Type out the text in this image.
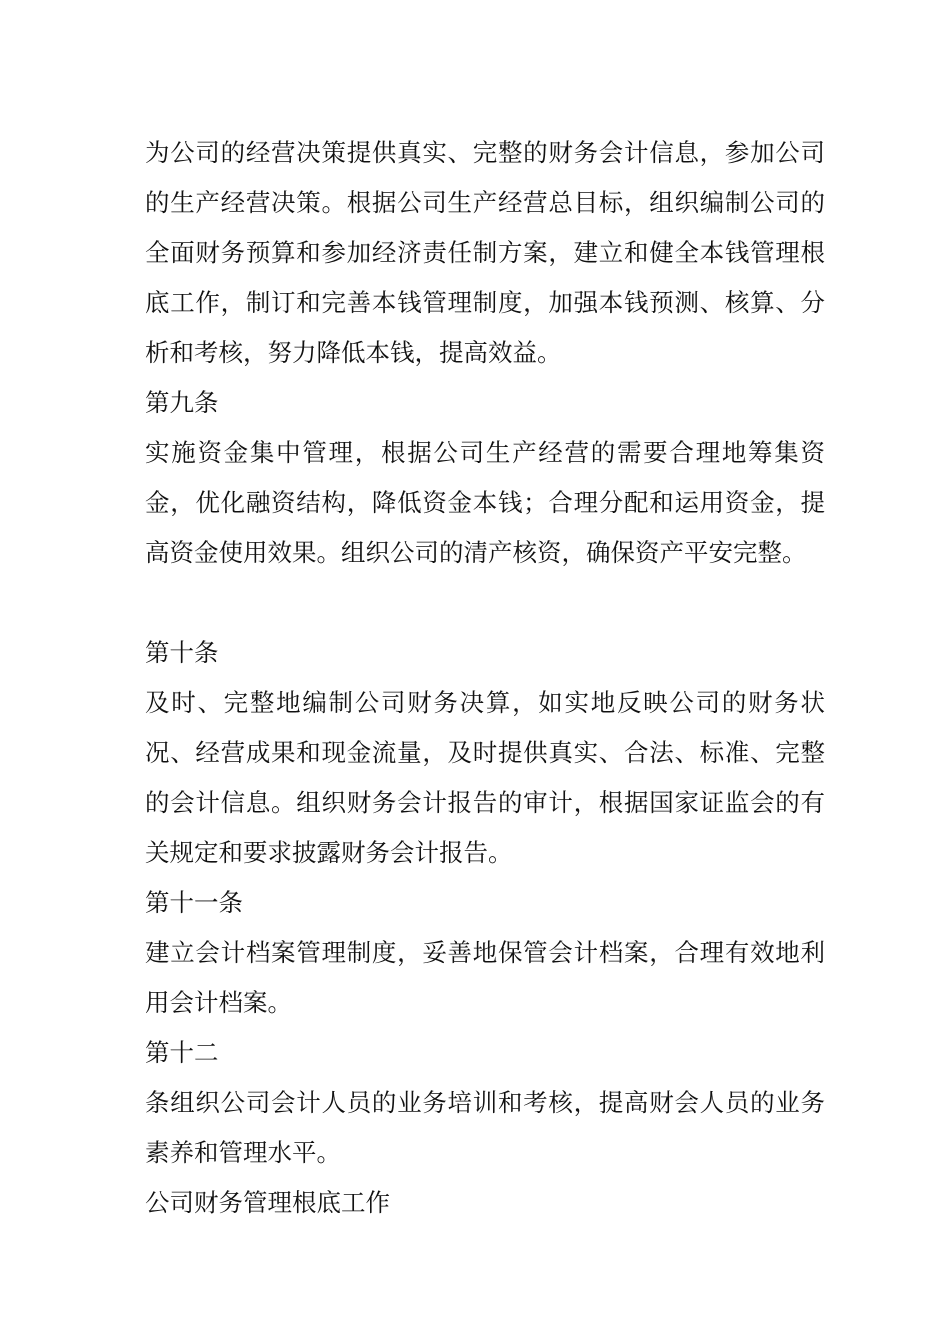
为公司的经营决策提供真实、完整的财务会计信息，参加公司的生产经营决策。根据公司生产经营总目标，组织编制公司的全面财务预算和参加经济责任制方案，建立和健全本钱管理根底工作，制订和完善本钱管理制度，加强本钱预测、核算、分析和考核，努力降低本钱，提高效益。

第九条

实施资金集中管理，根据公司生产经营的需要合理地筹集资金，优化融资结构，降低资金本钱；合理分配和运用资金，提高资金使用效果。组织公司的清产核资，确保资产平安完整。

第十条

及时、完整地编制公司财务决算，如实地反映公司的财务状况、经营成果和现金流量，及时提供真实、合法、标准、完整的会计信息。组织财务会计报告的审计，根据国家证监会的有关规定和要求披露财务会计报告。

第十一条

建立会计档案管理制度，妥善地保管会计档案，合理有效地利用会计档案。

第十二

条组织公司会计人员的业务培训和考核，提高财会人员的业务素养和管理水平。

公司财务管理根底工作
